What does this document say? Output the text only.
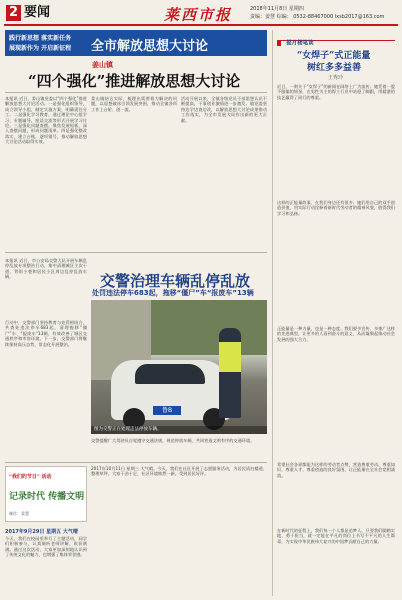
2 要闻	莱西市报	2018年11月8日 星期四
责编：姜慧 综编： 0532-88467000 lxsb2017@163.com
践行新思想 落实新任务
展现新作为 开启新征程 全市解放思想大讨论
姜山镇
“四个强化”推进解放思想大讨论
本报讯 近日，姜山镇党委以“四个强化”推进解放思想大讨论活动。一是强化组织领导，成立领导小组，制定实施方案，明确责任分工。二是强化学习教育，通过理论中心组学习、专题辅导、座谈交流等形式开展学习讨论。三是强化问题查摆，聚焦发展短板，深入查摆问题，形成问题清单。四是强化整改落实，建立台账，逐项销号，推动解放思想大讨论活动取得实效。
姜山镇结合实际，梳理出需要着力解决的问题，以思想破冰引领发展突围，推动全镇各项工作上台阶、创一流。
活动开展以来，全镇各级党员干部思想认识不断提高，干事创业激情进一步激发。镇党委坚持边学边查边改，以解放思想大讨论成果推动工作落实，为全市发展大局作出新的更大贡献。
本报讯 近日，市公安局交警大队开展车辆乱停乱放专项整治行动，集中清理城区主次干道、背街小巷和居民小区周边乱停乱放车辆。
行动中，交警部门坚持教育与处罚相结合，共查处违法停车683起，清理拖移“僵尸”车、“报废车”13辆，有效改善了城区交通秩序和市容环境。下一步，交警部门将继续保持高压态势，常态化开展整治。
交警治理车辆乱停乱放
处罚违法停车683起，拖移“僵尸”车“报废车”13辆
鲁B
图为交警正在处理违法停放车辆。
交警提醒广大驾驶员自觉遵守交通法规，规范停放车辆，共同营造文明有序的交通环境。
“我们的节日” 活动
记录时代 传播文明
制作：姜慧
2017年9月29日 星期五 大气晴
今天，我们在校园里举行了主题活动，同学们积极参与，认真倾听老师讲解，收获满满。通过这次活动，大家更加深刻地认识到了传统文化的魅力，也增强了集体荣誉感。
2017年10月11日 星期三 大气晴。今天，我们在社区开展了志愿服务活动，为居民清扫楼道、整理草坪，大家干劲十足，社区环境焕然一新，受到居民好评。
提月楼笔谈
“女焊子”式正能量
树红多多益善
王秀玲
近日，一则关于“女焊子”的新闻在网络上广为流传。她凭着一股不服输的韧劲，在男性为主的焊工行业中站稳了脚跟，用精湛的技艺赢得了同行的尊重。
这样的正能量故事，在我们身边还有很多。她们用自己的双手创造价值，用实际行动诠释着新时代劳动者的精神风貌，值得我们学习和弘扬。
正能量是一种力量，也是一种态度。我们要多宣传、多推广这样的先进典型，让更多的人看到奋斗的意义，从而凝聚起推动社会发展的强大合力。
希望社会各界都能为这样的劳动者点赞，营造尊重劳动、尊重知识、尊重人才、尊重创造的良好氛围，让正能量在全社会竞相涌流。
在新时代的征程上，我们每一个人都是追梦人。只要我们脚踏实地、勇于担当，就一定能在平凡的岗位上书写不平凡的人生篇章，为实现中华民族伟大复兴的中国梦贡献自己的力量。
